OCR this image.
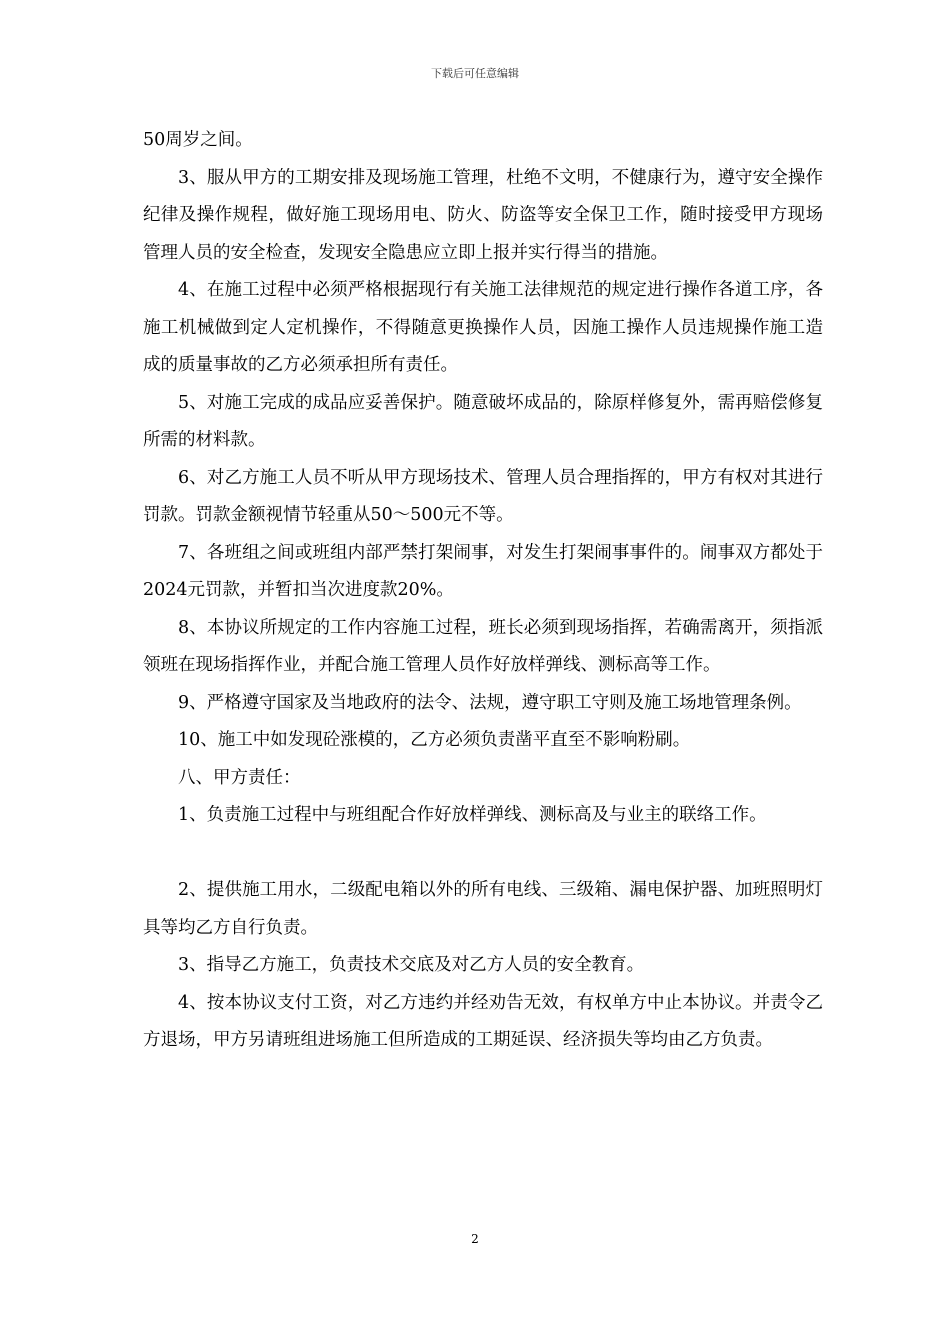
下载后可任意编辑

50周岁之间。

3、服从甲方的工期安排及现场施工管理，杜绝不文明，不健康行为，遵守安全操作纪律及操作规程，做好施工现场用电、防火、防盗等安全保卫工作，随时接受甲方现场管理人员的安全检查，发现安全隐患应立即上报并实行得当的措施。

4、在施工过程中必须严格根据现行有关施工法律规范的规定进行操作各道工序，各施工机械做到定人定机操作，不得随意更换操作人员，因施工操作人员违规操作施工造成的质量事故的乙方必须承担所有责任。

5、对施工完成的成品应妥善保护。随意破坏成品的，除原样修复外，需再赔偿修复所需的材料款。

6、对乙方施工人员不听从甲方现场技术、管理人员合理指挥的，甲方有权对其进行罚款。罚款金额视情节轻重从50～500元不等。

7、各班组之间或班组内部严禁打架闹事，对发生打架闹事事件的。闹事双方都处于2024元罚款，并暂扣当次进度款20%。

8、本协议所规定的工作内容施工过程，班长必须到现场指挥，若确需离开，须指派领班在现场指挥作业，并配合施工管理人员作好放样弹线、测标高等工作。

9、严格遵守国家及当地政府的法令、法规，遵守职工守则及施工场地管理条例。

10、施工中如发现砼涨模的，乙方必须负责凿平直至不影响粉刷。

八、甲方责任：

1、负责施工过程中与班组配合作好放样弹线、测标高及与业主的联络工作。

2、提供施工用水，二级配电箱以外的所有电线、三级箱、漏电保护器、加班照明灯具等均乙方自行负责。

3、指导乙方施工，负责技术交底及对乙方人员的安全教育。

4、按本协议支付工资，对乙方违约并经劝告无效，有权单方中止本协议。并责令乙方退场，甲方另请班组进场施工但所造成的工期延误、经济损失等均由乙方负责。

2
